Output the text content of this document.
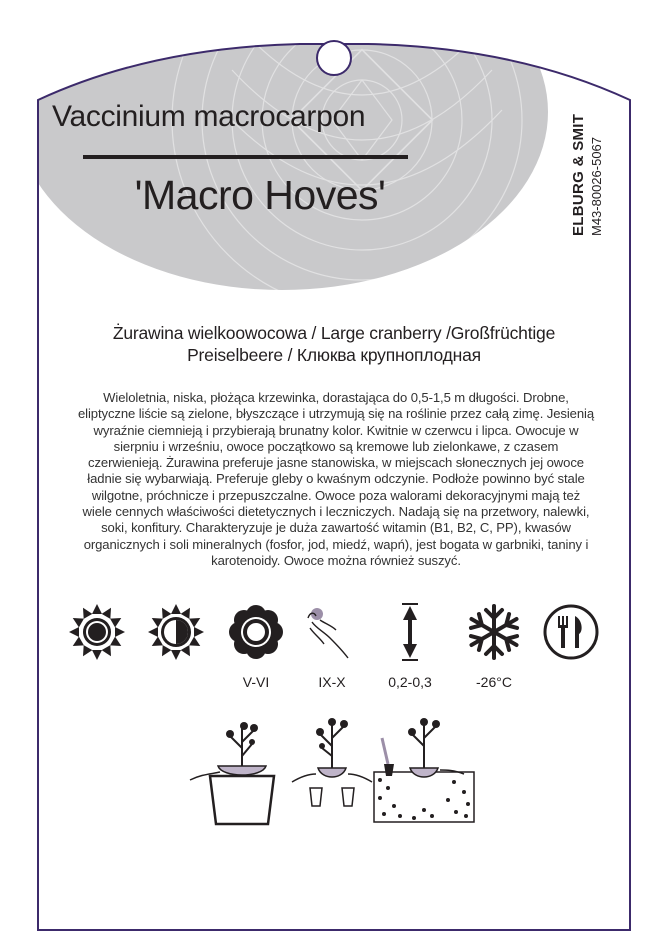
Vaccinium macrocarpon
'Macro Hoves'	ELBURG & SMIT M43-80026-5067
Żurawina wielkoowocowa / Large cranberry /Großfrüchtige
Preiselbeere / Клюква крупноплодная
Wieloletnia, niska, płożąca krzewinka, dorastająca do 0,5-1,5 m długości. Drobne, eliptyczne liście są zielone, błyszczące i utrzymują się na roślinie przez całą zimę. Jesienią wyraźnie ciemnieją i przybierają brunatny kolor. Kwitnie w czerwcu i lipca. Owocuje w sierpniu i wrześniu, owoce początkowo są kremowe lub zielonkawe, z czasem czerwienieją. Żurawina preferuje jasne stanowiska, w miejscach słonecznych jej owoce ładnie się wybarwiają. Preferuje gleby o kwaśnym odczynie. Podłoże powinno być stale wilgotne, próchnicze i przepuszczalne. Owoce poza walorami dekoracyjnymi mają też wiele cennych właściwości dietetycznych i leczniczych. Nadają się na przetwory, nalewki, soki, konfitury. Charakteryzuje je duża zawartość witamin (B1, B2, C, PP), kwasów organicznych i soli mineralnych (fosfor, jod, miedź, wapń), jest bogata w garbniki, taniny i karotenoidy. Owoce można również suszyć.
V-VI	IX-X	0,2-0,3	-26°C
